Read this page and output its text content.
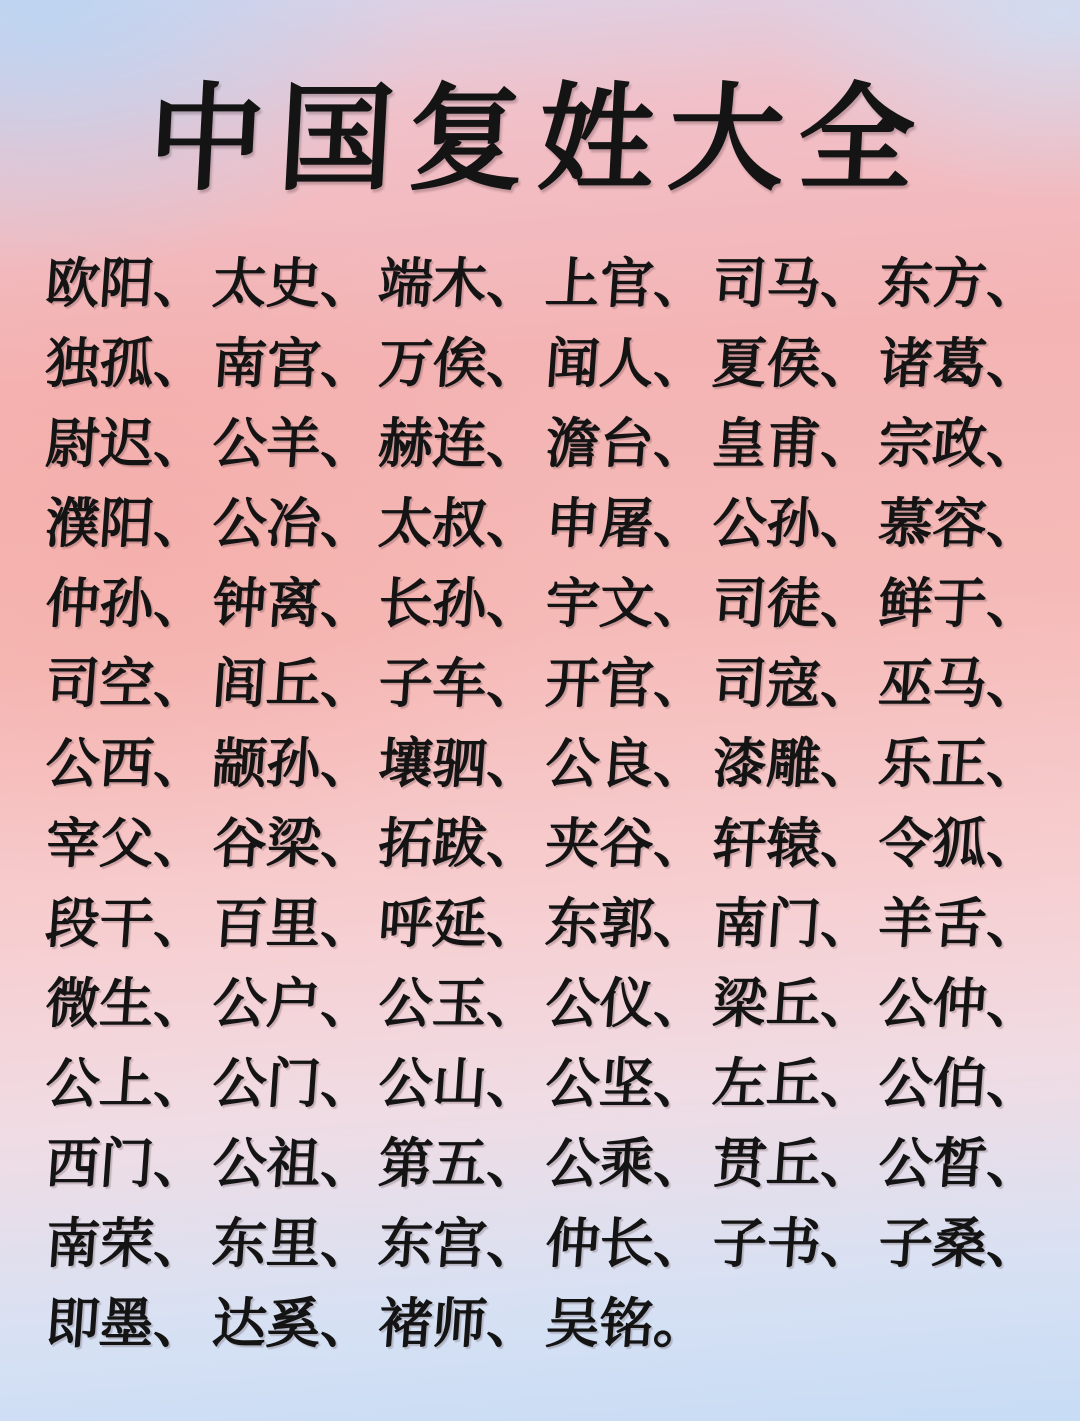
中国复姓大全
欧阳、 太史、 端木、 上官、 司马、 东方、
独孤、 南宫、 万俟、 闻人、 夏侯、 诸葛、
尉迟、 公羊、 赫连、 澹台、 皇甫、 宗政、
濮阳、 公冶、 太叔、 申屠、 公孙、 慕容、
仲孙、 钟离、 长孙、 宇文、 司徒、 鲜于、
司空、 闾丘、 子车、 开官、 司寇、 巫马、
公西、 颛孙、 壤驷、 公良、 漆雕、 乐正、
宰父、 谷梁、 拓跋、 夹谷、 轩辕、 令狐、
段干、 百里、 呼延、 东郭、 南门、 羊舌、
微生、 公户、 公玉、 公仪、 梁丘、 公仲、
公上、 公门、 公山、 公坚、 左丘、 公伯、
西门、 公祖、 第五、 公乘、 贯丘、 公晳、
南荣、 东里、 东宫、 仲长、 子书、 子桑、
即墨、 达奚、 褚师、 吴铭。
